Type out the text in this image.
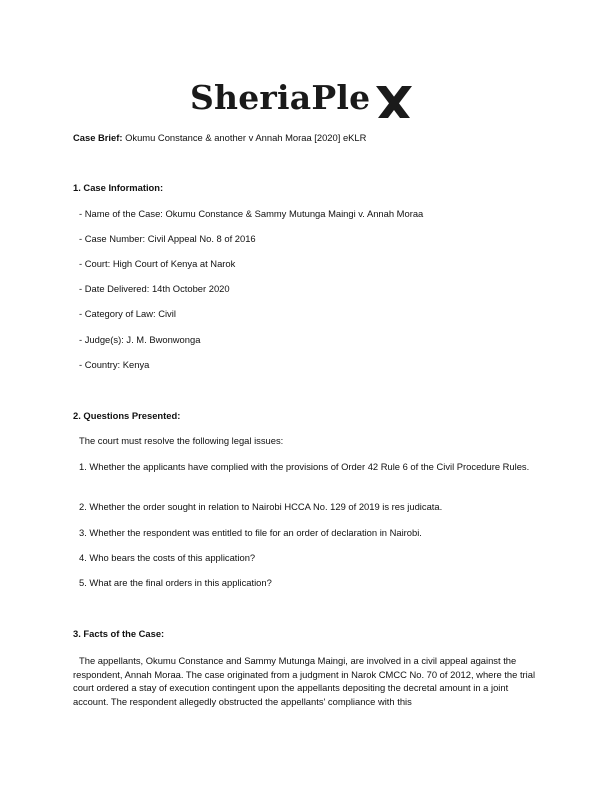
SheriaPle
Case Brief: Okumu Constance & another v Annah Moraa [2020] eKLR
1. Case Information:
- Name of the Case: Okumu Constance & Sammy Mutunga Maingi v. Annah Moraa
- Case Number: Civil Appeal No. 8 of 2016
- Court: High Court of Kenya at Narok
- Date Delivered: 14th October 2020
- Category of Law: Civil
- Judge(s): J. M. Bwonwonga
- Country: Kenya
2. Questions Presented:
The court must resolve the following legal issues:
1. Whether the applicants have complied with the provisions of Order 42 Rule 6 of the Civil Procedure Rules.
2. Whether the order sought in relation to Nairobi HCCA No. 129 of 2019 is res judicata.
3. Whether the respondent was entitled to file for an order of declaration in Nairobi.
4. Who bears the costs of this application?
5. What are the final orders in this application?
3. Facts of the Case:
The appellants, Okumu Constance and Sammy Mutunga Maingi, are involved in a civil appeal against the respondent, Annah Moraa. The case originated from a judgment in Narok CMCC No. 70 of 2012, where the trial court ordered a stay of execution contingent upon the appellants depositing the decretal amount in a joint account. The respondent allegedly obstructed the appellants' compliance with this
